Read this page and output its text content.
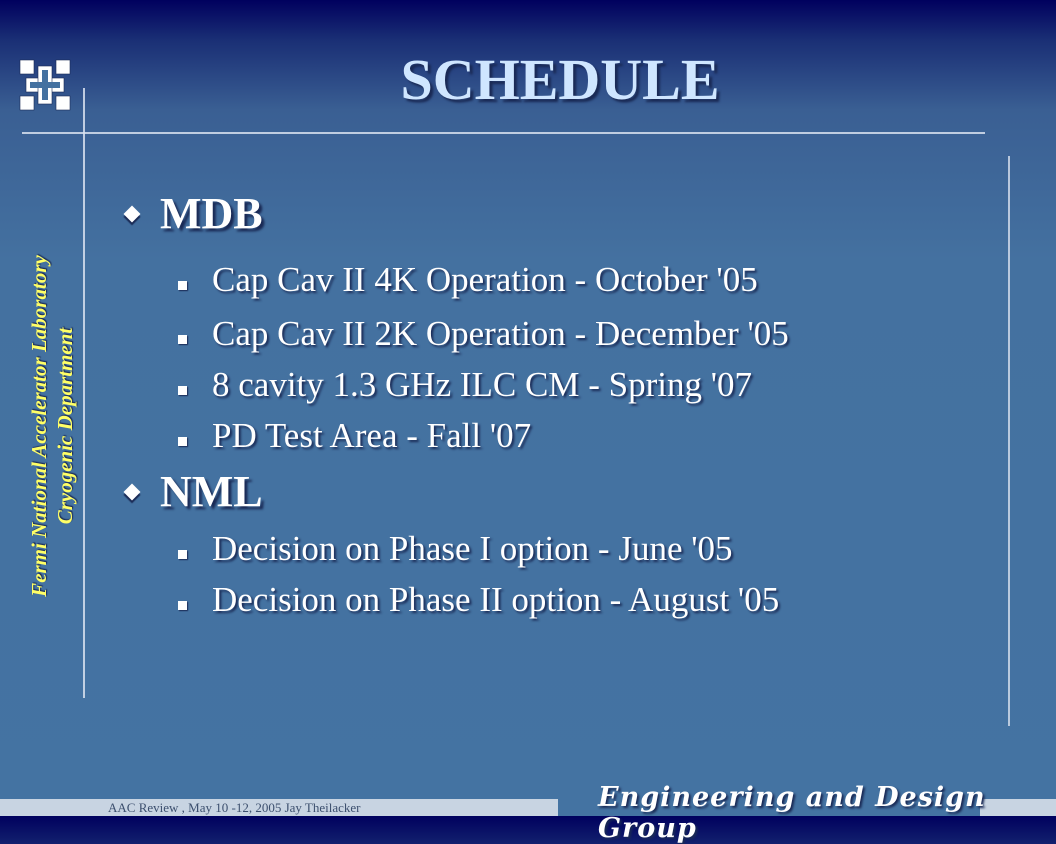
SCHEDULE
Fermi National Accelerator Laboratory Cryogenic Department
MDB
Cap Cav II 4K Operation - October '05
Cap Cav II 2K Operation - December '05
8 cavity 1.3 GHz ILC CM - Spring '07
PD Test Area - Fall '07
NML
Decision on Phase I option - June '05
Decision on Phase II option - August '05
AAC Review , May 10 -12, 2005 Jay Theilacker	Engineering and Design Group
